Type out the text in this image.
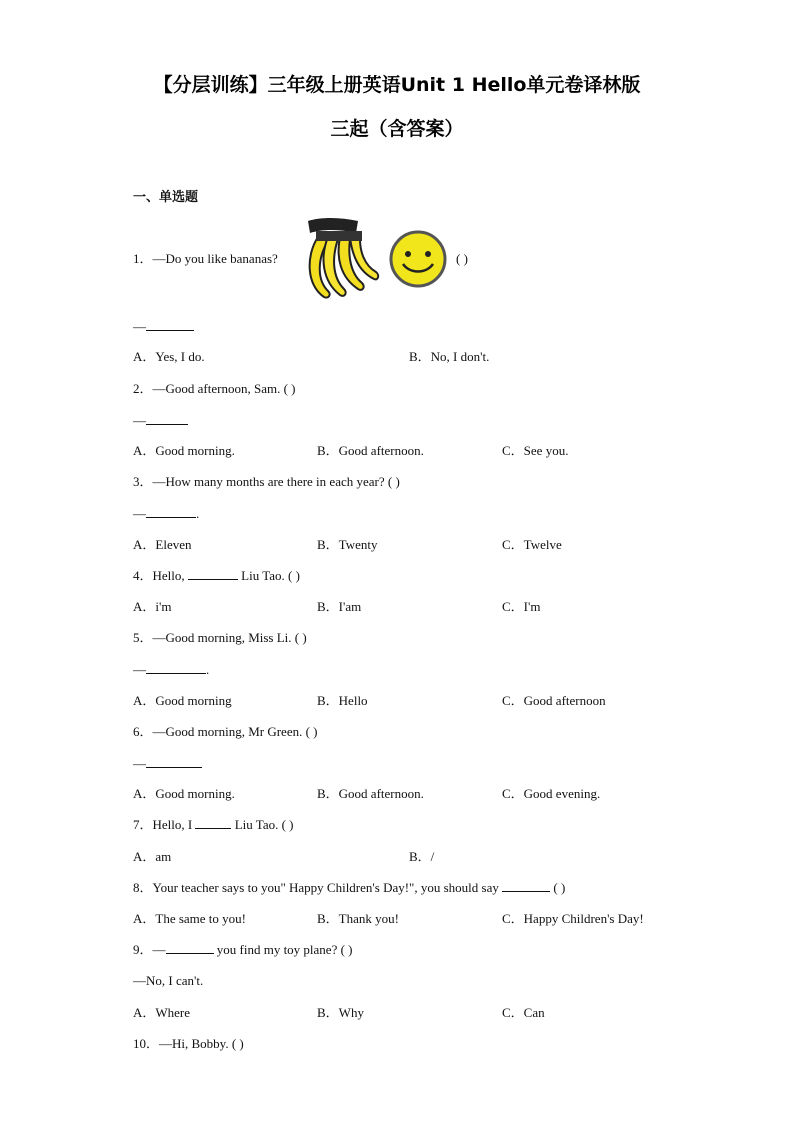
【分层训练】三年级上册英语Unit 1 Hello单元卷译林版
三起（含答案）
一、单选题
1．—Do you like bananas?	( )
—
A．Yes, I do.	B．No, I don't.
2．—Good afternoon, Sam. ( )
—
A．Good morning.	B．Good afternoon.	C．See you.
3．—How many months are there in each year? ( )
—	.
A．Eleven	B．Twenty	C．Twelve
4．Hello,	Liu Tao. ( )
A．i'm	B．I'am	C．I'm
5．—Good morning, Miss Li. ( )
—	.
A．Good morning	B．Hello	C．Good afternoon
6．—Good morning, Mr Green. ( )
—
A．Good morning.	B．Good afternoon.	C．Good evening.
7．Hello, I	Liu Tao. ( )
A．am	B．/
8．Your teacher says to you" Happy Children's Day!", you should say	( )
A．The same to you!	B．Thank you!	C．Happy Children's Day!
9．—	you find my toy plane? ( )
—No, I can't.
A．Where	B．Why	C．Can
10．—Hi, Bobby. ( )
